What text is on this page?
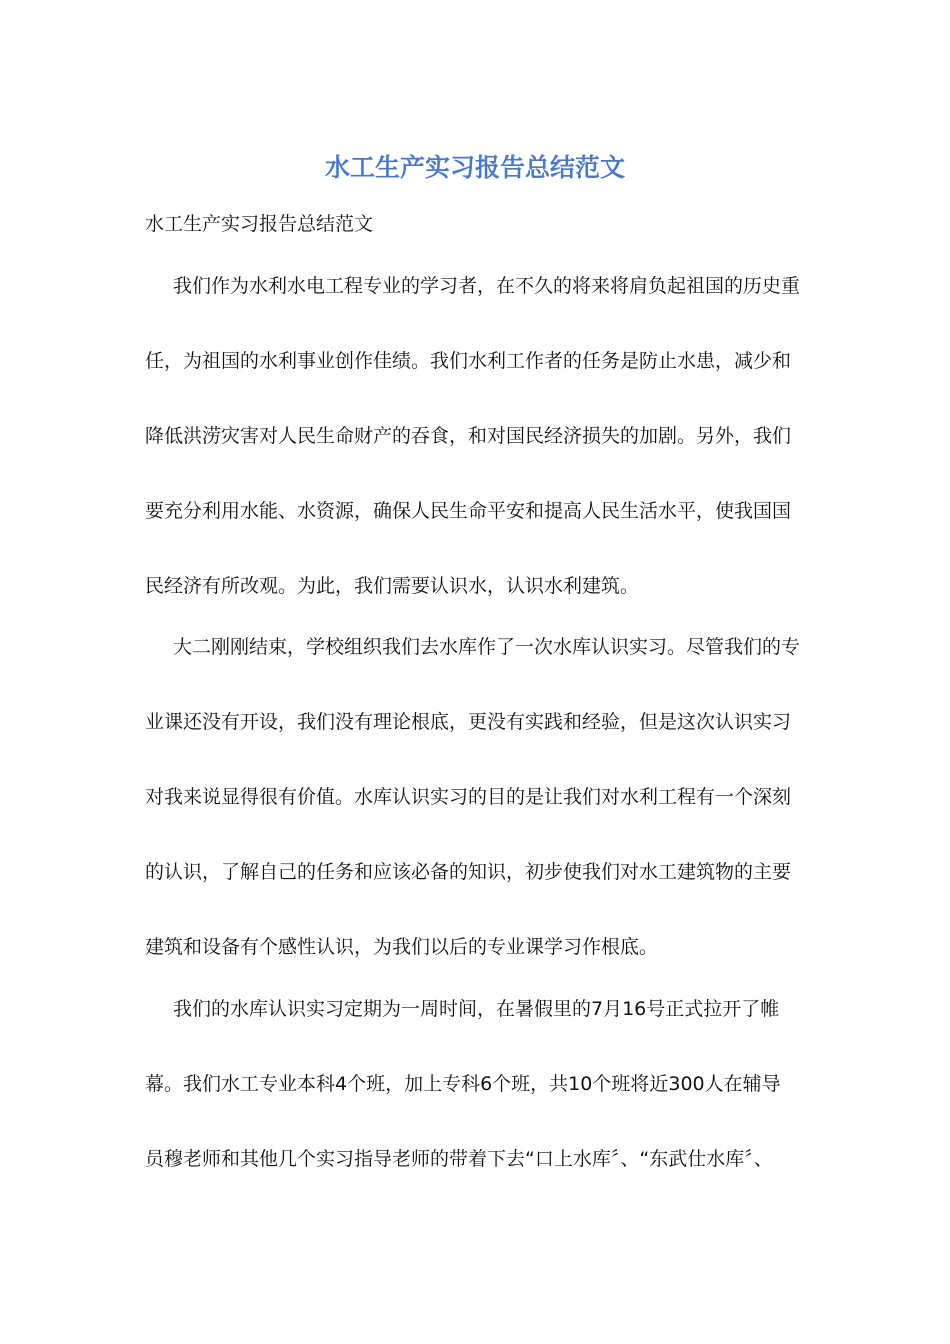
水工生产实习报告总结范文

水工生产实习报告总结范文

我们作为水利水电工程专业的学习者，在不久的将来将肩负起祖国的历史重

任，为祖国的水利事业创作佳绩。我们水利工作者的任务是防止水患，减少和

降低洪涝灾害对人民生命财产的吞食，和对国民经济损失的加剧。另外，我们

要充分利用水能、水资源，确保人民生命平安和提高人民生活水平，使我国国

民经济有所改观。为此，我们需要认识水，认识水利建筑。

大二刚刚结束，学校组织我们去水库作了一次水库认识实习。尽管我们的专

业课还没有开设，我们没有理论根底，更没有实践和经验，但是这次认识实习

对我来说显得很有价值。水库认识实习的目的是让我们对水利工程有一个深刻

的认识，了解自己的任务和应该必备的知识，初步使我们对水工建筑物的主要

建筑和设备有个感性认识，为我们以后的专业课学习作根底。

我们的水库认识实习定期为一周时间，在暑假里的7月16号正式拉开了帷

幕。我们水工专业本科4个班，加上专科6个班，共10个班将近300人在辅导

员穆老师和其他几个实习指导老师的带着下去“口上水库〞、“东武仕水库〞、
